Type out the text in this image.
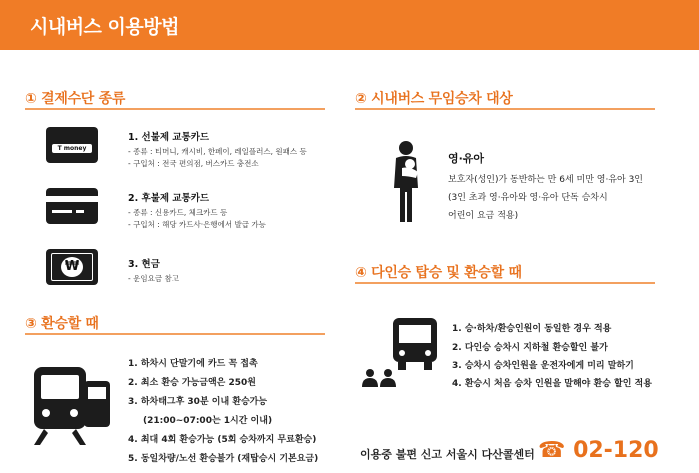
시내버스 이용방법
① 결제수단 종류
T money
1. 선불제 교통카드
- 종류 : 티머니, 캐시비, 한페이, 레일플러스, 원패스 등
- 구입처 : 전국 편의점, 버스카드 충전소
2. 후불제 교통카드
- 종류 : 신용카드, 체크카드 등
- 구입처 : 해당 카드사·은행에서 발급 가능
₩	3. 현금
- 운임요금 참고
② 시내버스 무임승차 대상
영·유아
보호자(성인)가 동반하는 만 6세 미만 영·유아 3인
(3인 초과 영·유아와 영·유아 단독 승차시
어린이 요금 적용)
③ 환승할 때
1. 하차시 단말기에 카드 꼭 접촉
2. 최소 환승 가능금액은 250원
3. 하차태그후 30분 이내 환승가능
(21:00~07:00는 1시간 이내)
4. 최대 4회 환승가능 (5회 승차까지 무료환승)
5. 동일차량/노선 환승불가 (재탑승시 기본요금)
④ 다인승 탑승 및 환승할 때
1. 승·하차/환승인원이 동일한 경우 적용
2. 다인승 승차시 지하철 환승할인 불가
3. 승차시 승차인원을 운전자에게 미리 말하기
4. 환승시 처음 승차 인원을 말해야 환승 할인 적용
이용중 불편 신고 서울시 다산콜센터 ☎ 02-120
